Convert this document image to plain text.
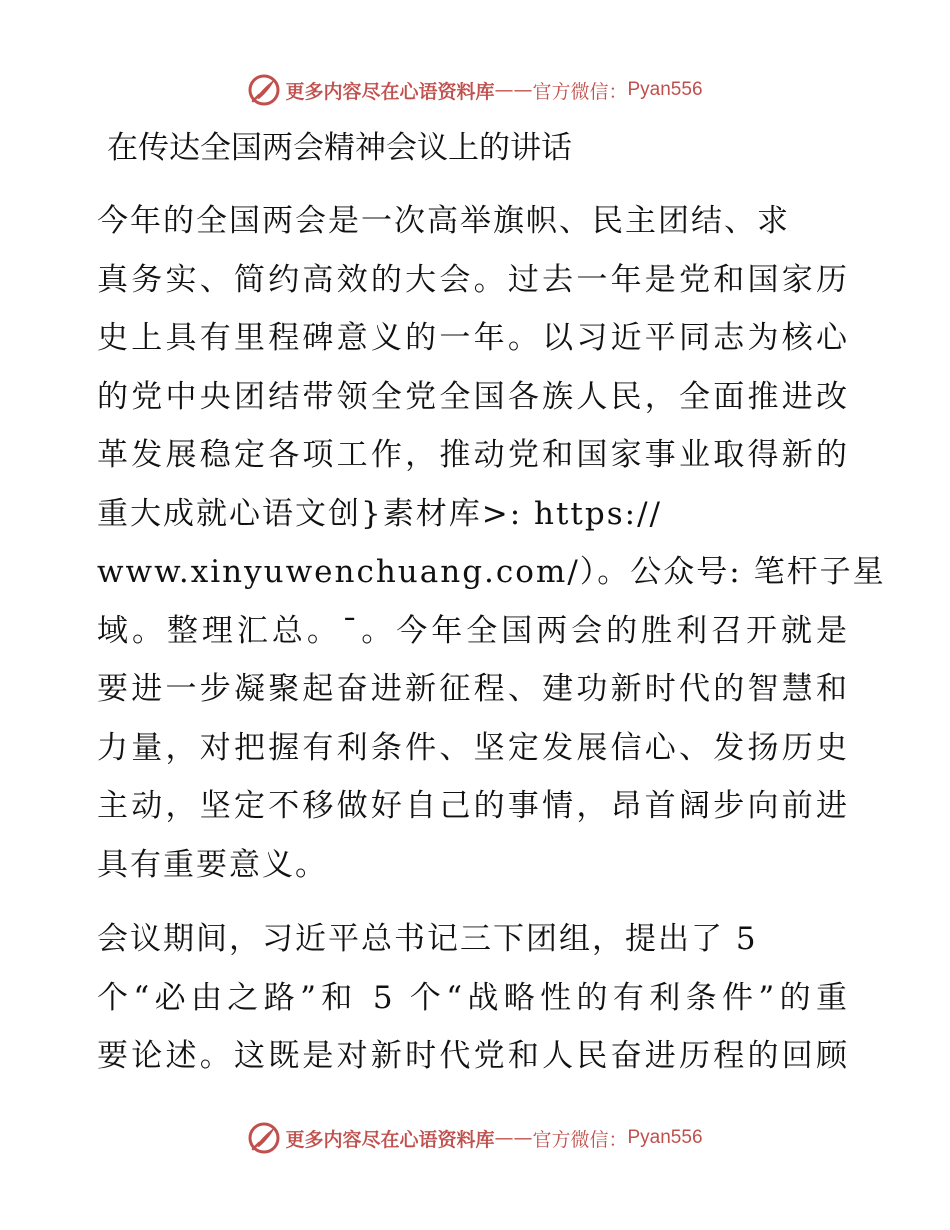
更多内容尽在心语资料库 —— 官方微信： Pyan556
在传达全国两会精神会议上的讲话
今年的全国两会是一次高举旗帜、民主团结、求
真务实、简约高效的大会。过去一年是党和国家历
史上具有里程碑意义的一年。以习近平同志为核心
的党中央团结带领全党全国各族人民，全面推进改
革发展稳定各项工作，推动党和国家事业取得新的
重大成就心语文创}素材库>: https://
www.xinyuwenchuang.com/）。公众号: 笔杆子星
域。整理汇总。¯。今年全国两会的胜利召开就是
要进一步凝聚起奋进新征程、建功新时代的智慧和
力量，对把握有利条件、坚定发展信心、发扬历史
主动，坚定不移做好自己的事情，昂首阔步向前进
具有重要意义。
会议期间，习近平总书记三下团组，提出了 5
个“必由之路”和 5 个“战略性的有利条件”的重
要论述。这既是对新时代党和人民奋进历程的回顾
更多内容尽在心语资料库 —— 官方微信： Pyan556
